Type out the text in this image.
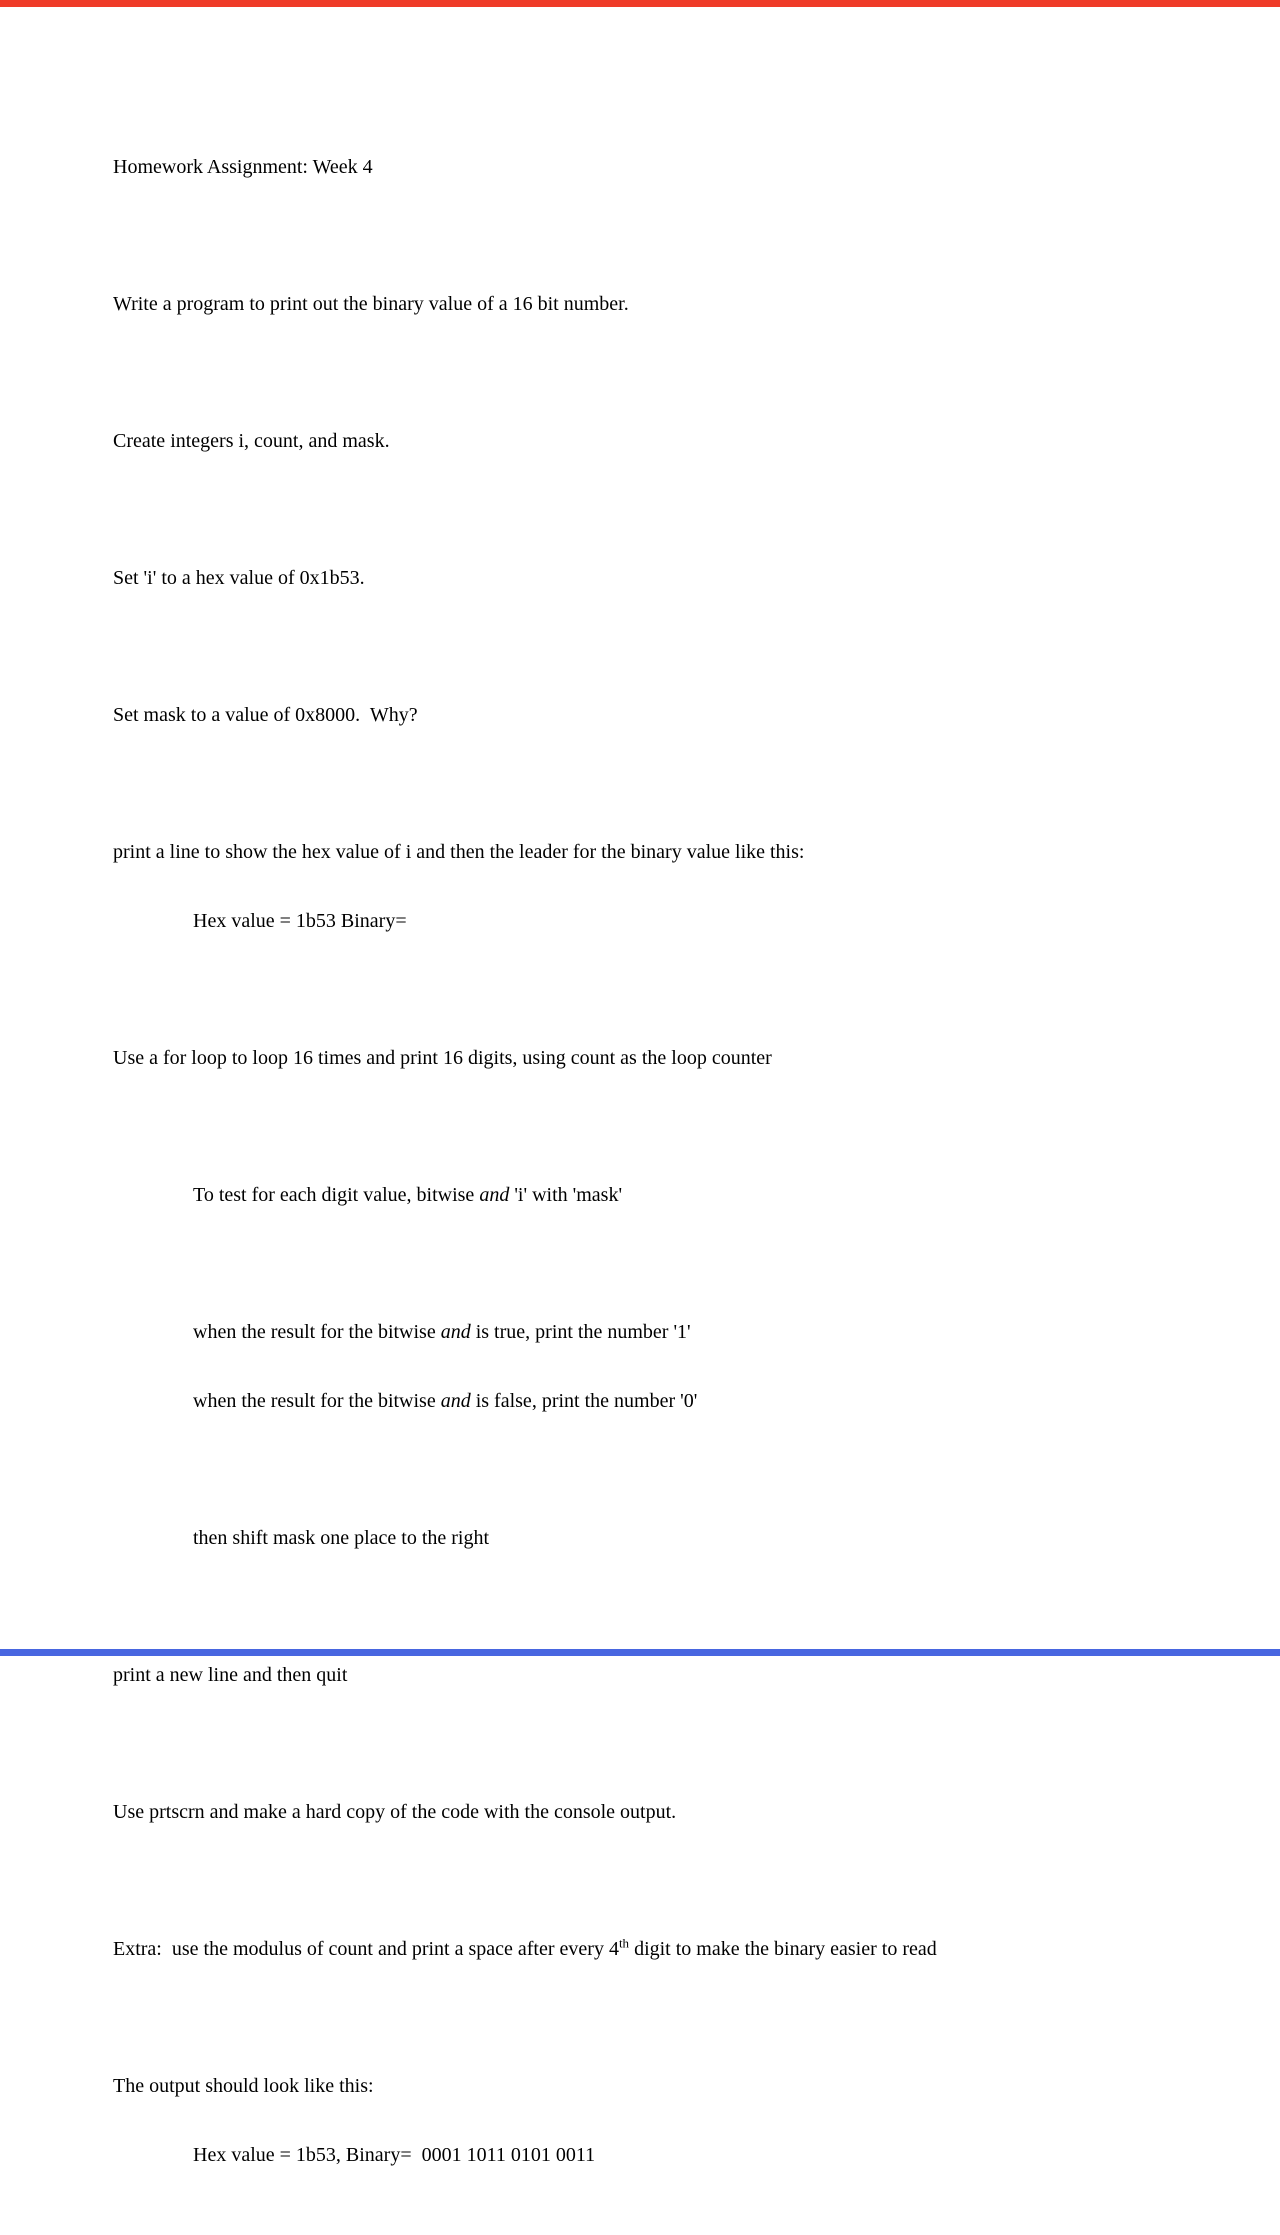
Homework Assignment: Week 4

Write a program to print out the binary value of a 16 bit number.

Create integers i, count, and mask.

Set 'i' to a hex value of 0x1b53.

Set mask to a value of 0x8000.  Why?

print a line to show the hex value of i and then the leader for the binary value like this:

Hex value = 1b53 Binary=

Use a for loop to loop 16 times and print 16 digits, using count as the loop counter

To test for each digit value, bitwise and 'i' with 'mask'

when the result for the bitwise and is true, print the number '1'

when the result for the bitwise and is false, print the number '0'

then shift mask one place to the right

print a new line and then quit

Use prtscrn and make a hard copy of the code with the console output.

Extra:  use the modulus of count and print a space after every 4th digit to make the binary easier to read

The output should look like this:

Hex value = 1b53, Binary=  0001 1011 0101 0011
